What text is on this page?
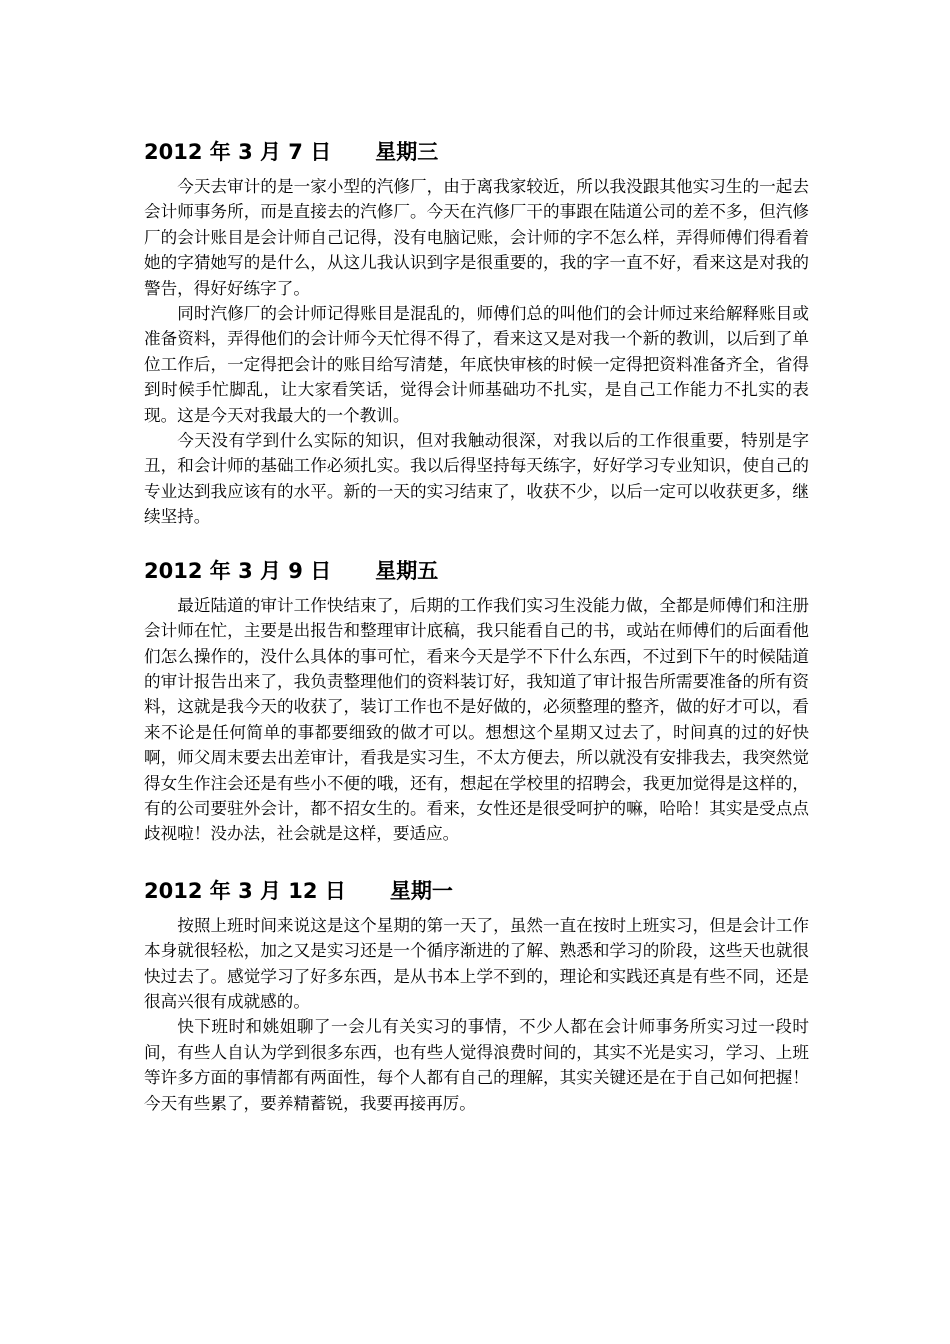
2012 年 3 月 7 日 星期三

今天去审计的是一家小型的汽修厂，由于离我家较近，所以我没跟其他实习生的一起去会计师事务所，而是直接去的汽修厂。今天在汽修厂干的事跟在陆道公司的差不多，但汽修厂的会计账目是会计师自己记得，没有电脑记账，会计师的字不怎么样，弄得师傅们得看着她的字猜她写的是什么，从这儿我认识到字是很重要的，我的字一直不好，看来这是对我的警告，得好好练字了。

同时汽修厂的会计师记得账目是混乱的，师傅们总的叫他们的会计师过来给解释账目或准备资料，弄得他们的会计师今天忙得不得了，看来这又是对我一个新的教训，以后到了单位工作后，一定得把会计的账目给写清楚，年底快审核的时候一定得把资料准备齐全，省得到时候手忙脚乱，让大家看笑话，觉得会计师基础功不扎实，是自己工作能力不扎实的表现。这是今天对我最大的一个教训。

今天没有学到什么实际的知识，但对我触动很深，对我以后的工作很重要，特别是字丑，和会计师的基础工作必须扎实。我以后得坚持每天练字，好好学习专业知识，使自己的专业达到我应该有的水平。新的一天的实习结束了，收获不少，以后一定可以收获更多，继续坚持。

2012 年 3 月 9 日 星期五

最近陆道的审计工作快结束了，后期的工作我们实习生没能力做，全都是师傅们和注册会计师在忙，主要是出报告和整理审计底稿，我只能看自己的书，或站在师傅们的后面看他们怎么操作的，没什么具体的事可忙，看来今天是学不下什么东西，不过到下午的时候陆道的审计报告出来了，我负责整理他们的资料装订好，我知道了审计报告所需要准备的所有资料，这就是我今天的收获了，装订工作也不是好做的，必须整理的整齐，做的好才可以，看来不论是任何简单的事都要细致的做才可以。想想这个星期又过去了，时间真的过的好快啊，师父周末要去出差审计，看我是实习生，不太方便去，所以就没有安排我去，我突然觉得女生作注会还是有些小不便的哦，还有，想起在学校里的招聘会，我更加觉得是这样的，有的公司要驻外会计，都不招女生的。看来，女性还是很受呵护的嘛，哈哈！其实是受点点歧视啦！没办法，社会就是这样，要适应。

2012 年 3 月 12 日 星期一

按照上班时间来说这是这个星期的第一天了，虽然一直在按时上班实习，但是会计工作本身就很轻松，加之又是实习还是一个循序渐进的了解、熟悉和学习的阶段，这些天也就很快过去了。感觉学习了好多东西，是从书本上学不到的，理论和实践还真是有些不同，还是很高兴很有成就感的。

快下班时和姚姐聊了一会儿有关实习的事情，不少人都在会计师事务所实习过一段时间，有些人自认为学到很多东西，也有些人觉得浪费时间的，其实不光是实习，学习、上班等许多方面的事情都有两面性，每个人都有自己的理解，其实关键还是在于自己如何把握！今天有些累了，要养精蓄锐，我要再接再厉。
